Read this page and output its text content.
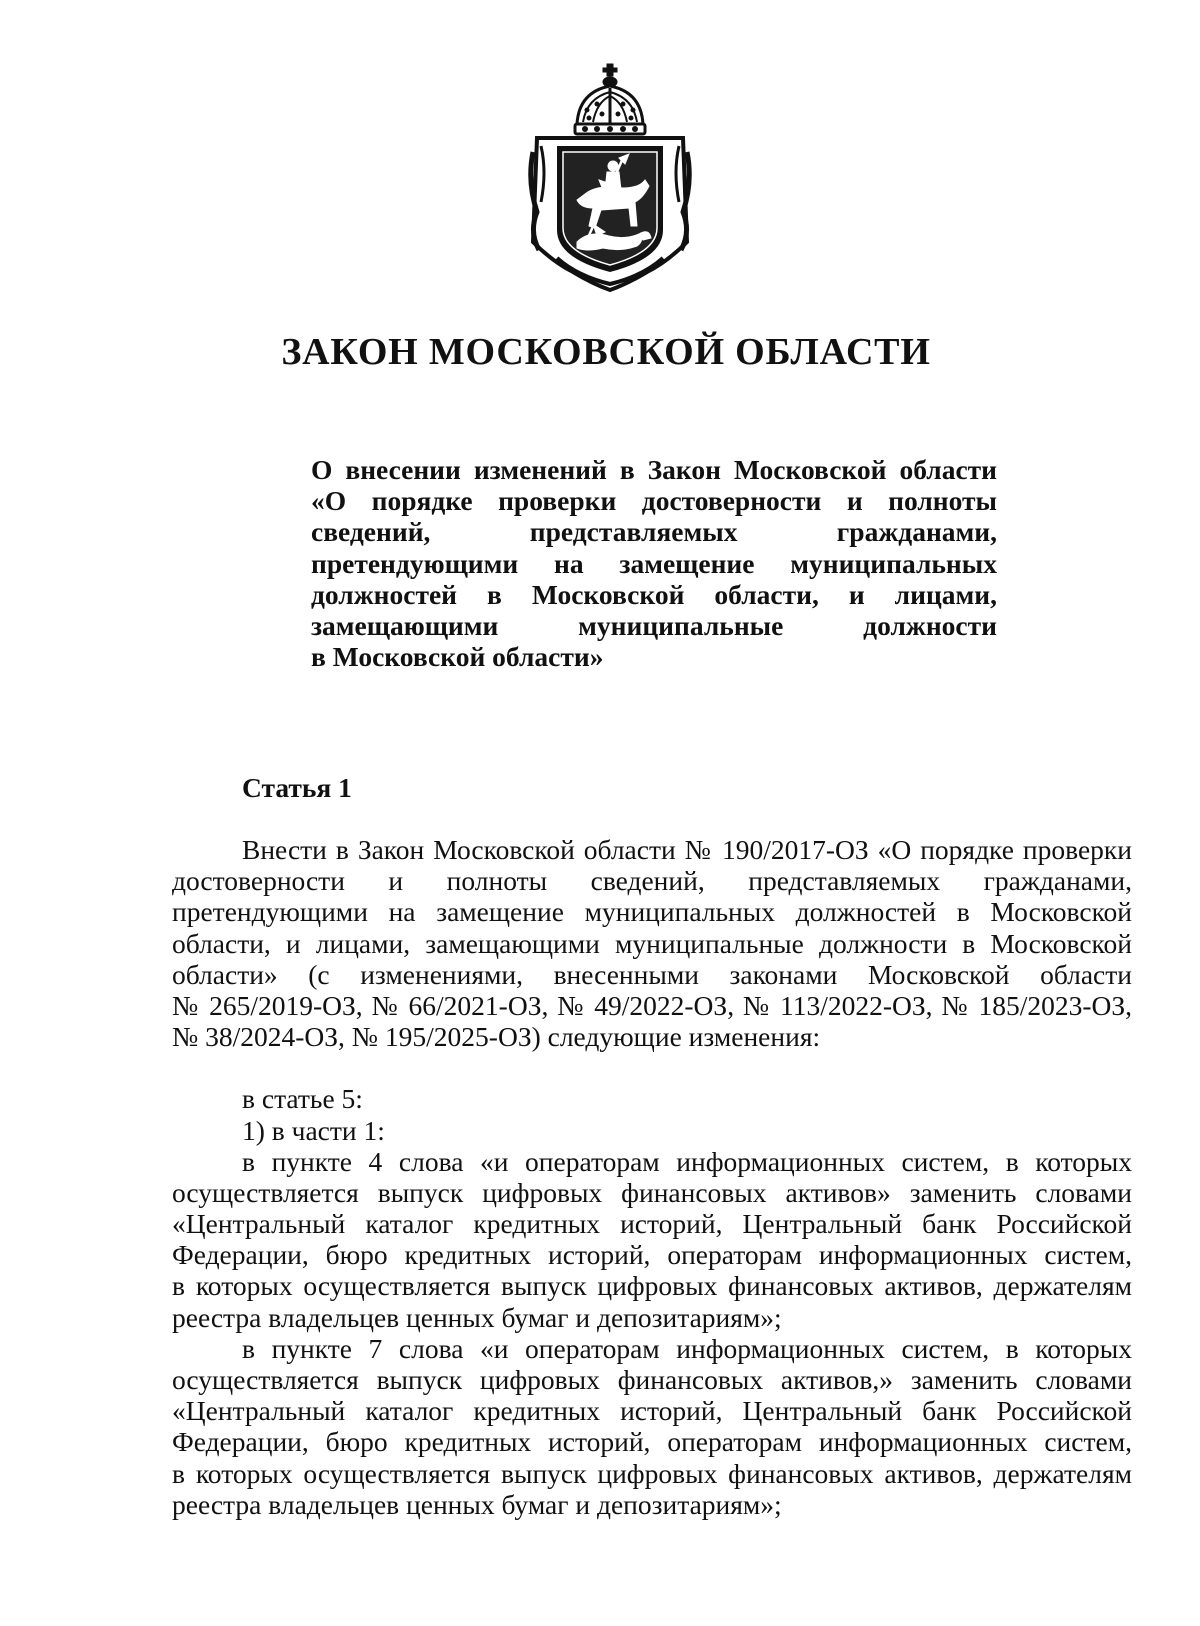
ЗАКОН МОСКОВСКОЙ ОБЛАСТИ
О внесении изменений в Закон Московской области
«О порядке проверки достоверности и полноты
сведений, представляемых гражданами,
претендующими на замещение муниципальных
должностей в Московской области, и лицами,
замещающими муниципальные должности
в Московской области»
Статья 1
Внести в Закон Московской области № 190/2017-ОЗ «О порядке проверки
достоверности и полноты сведений, представляемых гражданами,
претендующими на замещение муниципальных должностей в Московской
области, и лицами, замещающими муниципальные должности в Московской
области» (с изменениями, внесенными законами Московской области
№ 265/2019-ОЗ, № 66/2021-ОЗ, № 49/2022-ОЗ, № 113/2022-ОЗ, № 185/2023-ОЗ,
№ 38/2024-ОЗ, № 195/2025-ОЗ) следующие изменения:
в статье 5:
1) в части 1:
в пункте 4 слова «и операторам информационных систем, в которых
осуществляется выпуск цифровых финансовых активов» заменить словами
«Центральный каталог кредитных историй, Центральный банк Российской
Федерации, бюро кредитных историй, операторам информационных систем,
в которых осуществляется выпуск цифровых финансовых активов, держателям
реестра владельцев ценных бумаг и депозитариям»;
в пункте 7 слова «и операторам информационных систем, в которых
осуществляется выпуск цифровых финансовых активов,» заменить словами
«Центральный каталог кредитных историй, Центральный банк Российской
Федерации, бюро кредитных историй, операторам информационных систем,
в которых осуществляется выпуск цифровых финансовых активов, держателям
реестра владельцев ценных бумаг и депозитариям»;
